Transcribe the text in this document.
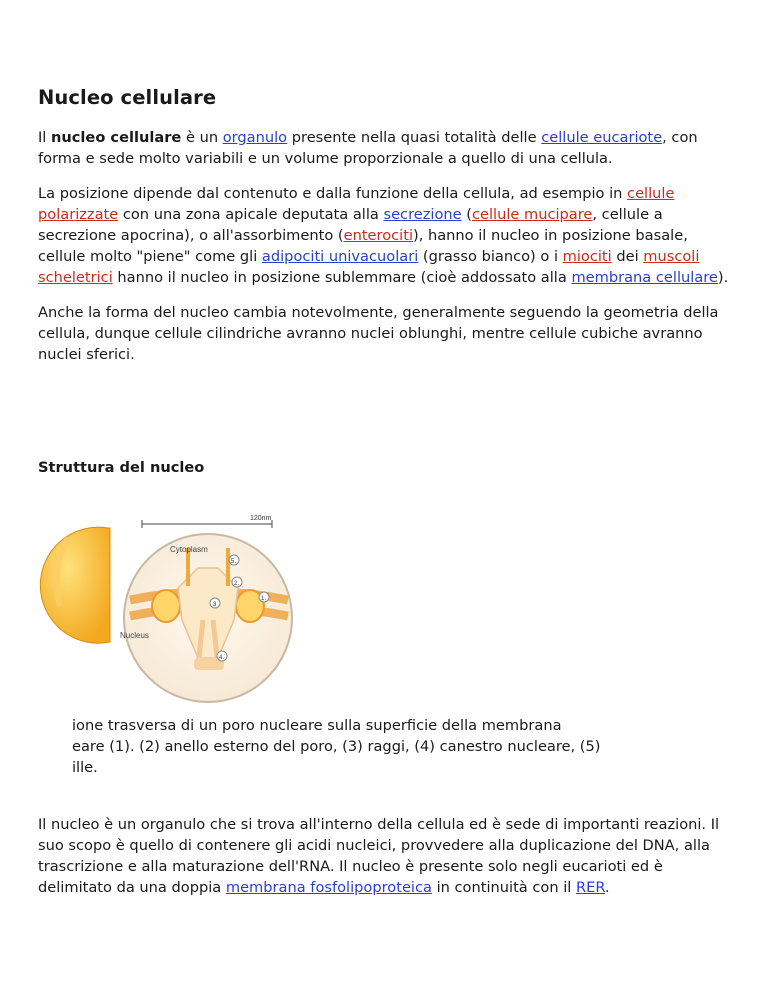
Nucleo cellulare

Il nucleo cellulare è un organulo presente nella quasi totalità delle cellule eucariote, con forma e sede molto variabili e un volume proporzionale a quello di una cellula.

La posizione dipende dal contenuto e dalla funzione della cellula, ad esempio in cellule polarizzate con una zona apicale deputata alla secrezione (cellule mucipare, cellule a secrezione apocrina), o all'assorbimento (enterociti), hanno il nucleo in posizione basale, cellule molto "piene" come gli adipociti univacuolari (grasso bianco) o i miociti dei muscoli scheletrici hanno il nucleo in posizione sublemmare (cioè addossato alla membrana cellulare).

Anche la forma del nucleo cambia notevolmente, generalmente seguendo la geometria della cellula, dunque cellule cilindriche avranno nuclei oblunghi, mentre cellule cubiche avranno nuclei sferici.

Struttura del nucleo
120nm
Cytoplasm
Nucleus
5.
2.
1.
3
4.
ione trasversa di un poro nucleare sulla superficie della membrana
eare (1). (2) anello esterno del poro, (3) raggi, (4) canestro nucleare, (5)
ille.

Il nucleo è un organulo che si trova all'interno della cellula ed è sede di importanti reazioni. Il suo scopo è quello di contenere gli acidi nucleici, provvedere alla duplicazione del DNA, alla trascrizione e alla maturazione dell'RNA. Il nucleo è presente solo negli eucarioti ed è delimitato da una doppia membrana fosfolipoproteica in continuità con il RER.
